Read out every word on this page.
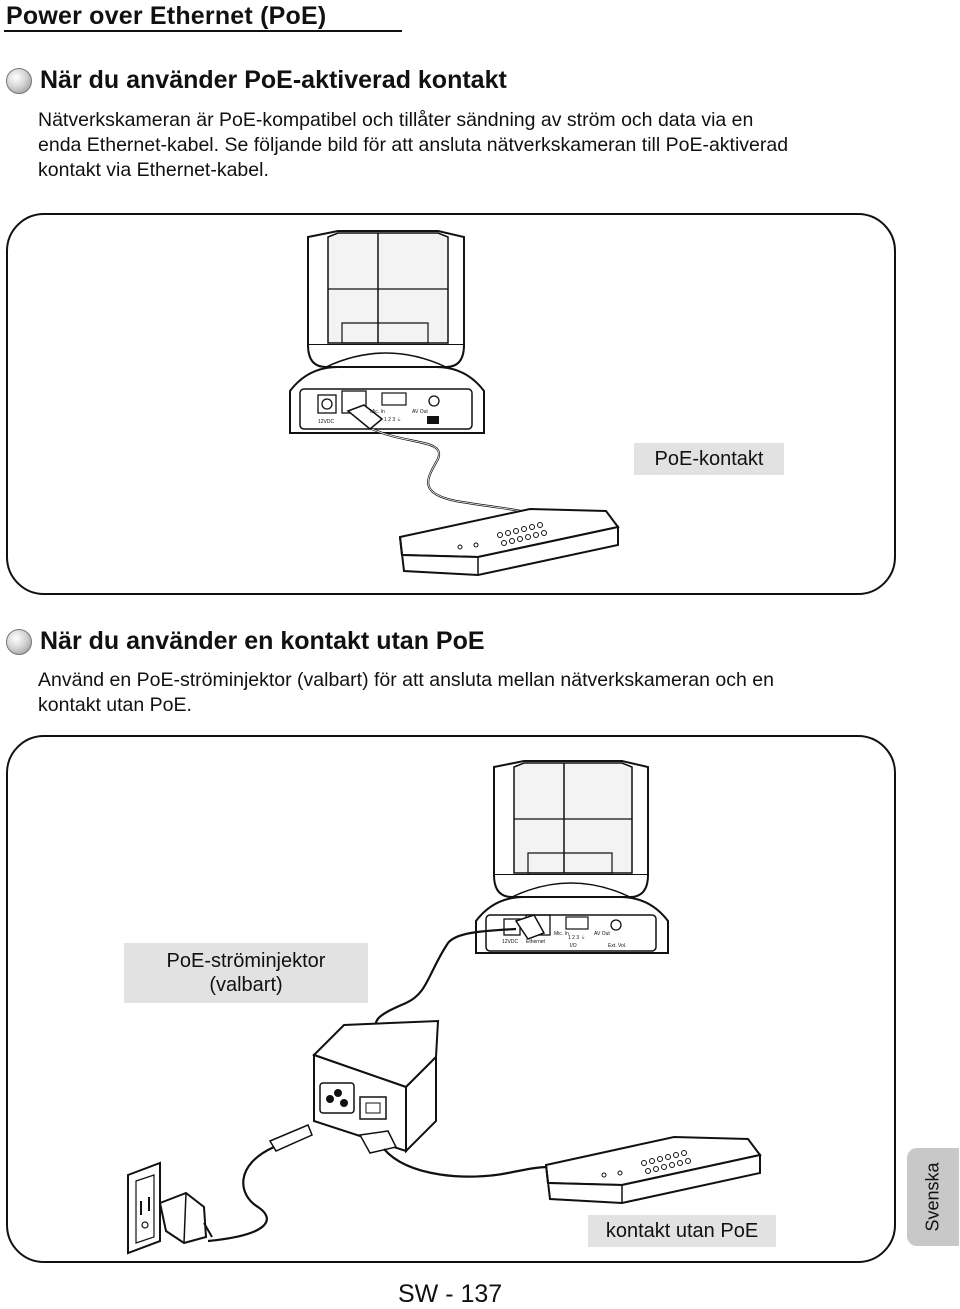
Power over Ethernet (PoE)
När du använder PoE-aktiverad kontakt
Nätverkskameran är PoE-kompatibel och tillåter sändning av ström och data via en
enda Ethernet-kabel. Se följande bild för att ansluta nätverkskameran till PoE-aktiverad
kontakt via Ethernet-kabel.
12VDC
Mic. In
1 2 3 ⏚
AV Out
PoE-kontakt
När du använder en kontakt utan PoE
Använd en PoE-ströminjektor (valbart) för att ansluta mellan nätverkskameran och en
kontakt utan PoE.
12VDC Ethernet
Mic. In
1 2 3 ⏚
I/O
AV Out
Ext. Vol.
PoE-ströminjektor
(valbart)
kontakt utan PoE	Svenska
SW - 137
